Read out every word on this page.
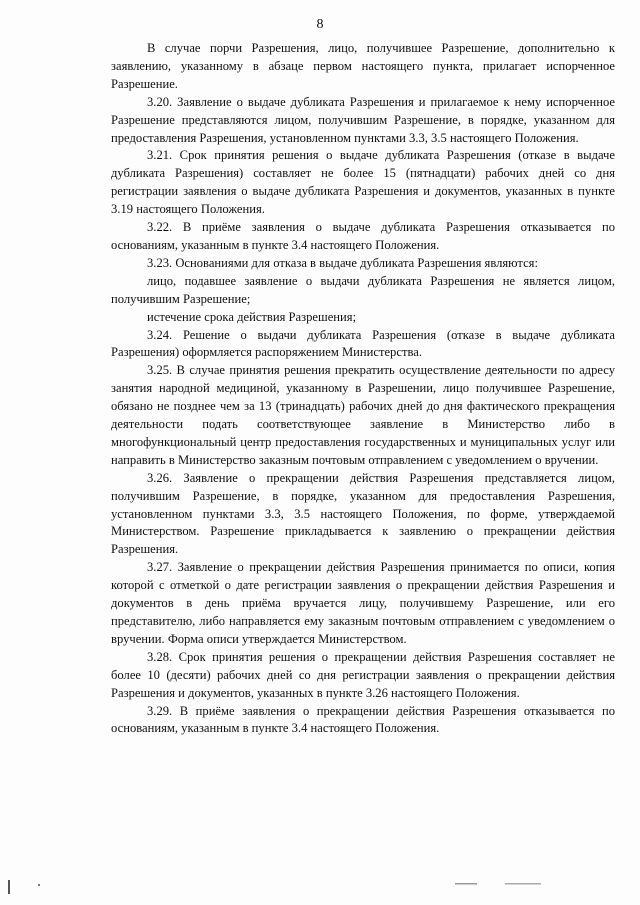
8

В случае порчи Разрешения, лицо, получившее Разрешение, дополнительно к заявлению, указанному в абзаце первом настоящего пункта, прилагает испорченное Разрешение.

3.20. Заявление о выдаче дубликата Разрешения и прилагаемое к нему испорченное Разрешение представляются лицом, получившим Разрешение, в порядке, указанном для предоставления Разрешения, установленном пунктами 3.3, 3.5 настоящего Положения.

3.21. Срок принятия решения о выдаче дубликата Разрешения (отказе в выдаче дубликата Разрешения) составляет не более 15 (пятнадцати) рабочих дней со дня регистрации заявления о выдаче дубликата Разрешения и документов, указанных в пункте 3.19 настоящего Положения.

3.22. В приёме заявления о выдаче дубликата Разрешения отказывается по основаниям, указанным в пункте 3.4 настоящего Положения.

3.23. Основаниями для отказа в выдаче дубликата Разрешения являются:

лицо, подавшее заявление о выдачи дубликата Разрешения не является лицом, получившим Разрешение;

истечение срока действия Разрешения;

3.24. Решение о выдачи дубликата Разрешения (отказе в выдаче дубликата Разрешения) оформляется распоряжением Министерства.

3.25. В случае принятия решения прекратить осуществление деятельности по адресу занятия народной медициной, указанному в Разрешении, лицо получившее Разрешение, обязано не позднее чем за 13 (тринадцать) рабочих дней до дня фактического прекращения деятельности подать соответствующее заявление в Министерство либо в многофункциональный центр предоставления государственных и муниципальных услуг или направить в Министерство заказным почтовым отправлением с уведомлением о вручении.

3.26. Заявление о прекращении действия Разрешения представляется лицом, получившим Разрешение, в порядке, указанном для предоставления Разрешения, установленном пунктами 3.3, 3.5 настоящего Положения, по форме, утверждаемой Министерством. Разрешение прикладывается к заявлению о прекращении действия Разрешения.

3.27. Заявление о прекращении действия Разрешения принимается по описи, копия которой с отметкой о дате регистрации заявления о прекращении действия Разрешения и документов в день приёма вручается лицу, получившему Разрешение, или его представителю, либо направляется ему заказным почтовым отправлением с уведомлением о вручении. Форма описи утверждается Министерством.

3.28. Срок принятия решения о прекращении действия Разрешения составляет не более 10 (десяти) рабочих дней со дня регистрации заявления о прекращении действия Разрешения и документов, указанных в пункте 3.26 настоящего Положения.

3.29. В приёме заявления о прекращении действия Разрешения отказывается по основаниям, указанным в пункте 3.4 настоящего Положения.
